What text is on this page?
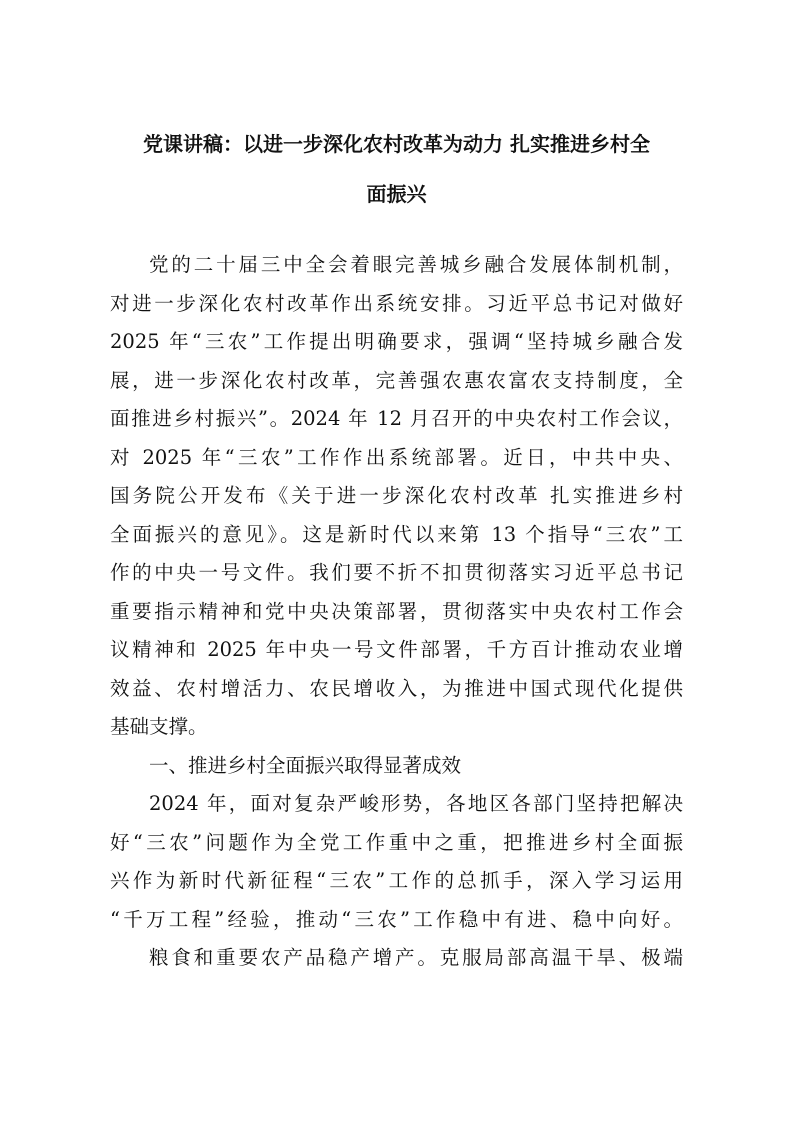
党课讲稿：以进一步深化农村改革为动力 扎实推进乡村全
面振兴
党的二十届三中全会着眼完善城乡融合发展体制机制，
对进一步深化农村改革作出系统安排。习近平总书记对做好
2025 年“三农”工作提出明确要求，强调“坚持城乡融合发
展，进一步深化农村改革，完善强农惠农富农支持制度，全
面推进乡村振兴”。2024 年 12 月召开的中央农村工作会议，
对 2025 年“三农”工作作出系统部署。近日，中共中央、
国务院公开发布《关于进一步深化农村改革 扎实推进乡村
全面振兴的意见》。这是新时代以来第 13 个指导“三农”工
作的中央一号文件。我们要不折不扣贯彻落实习近平总书记
重要指示精神和党中央决策部署，贯彻落实中央农村工作会
议精神和 2025 年中央一号文件部署，千方百计推动农业增
效益、农村增活力、农民增收入，为推进中国式现代化提供
基础支撑。
一、推进乡村全面振兴取得显著成效
2024 年，面对复杂严峻形势，各地区各部门坚持把解决
好“三农”问题作为全党工作重中之重，把推进乡村全面振
兴作为新时代新征程“三农”工作的总抓手，深入学习运用
“千万工程”经验，推动“三农”工作稳中有进、稳中向好。
粮食和重要农产品稳产增产。克服局部高温干旱、极端
